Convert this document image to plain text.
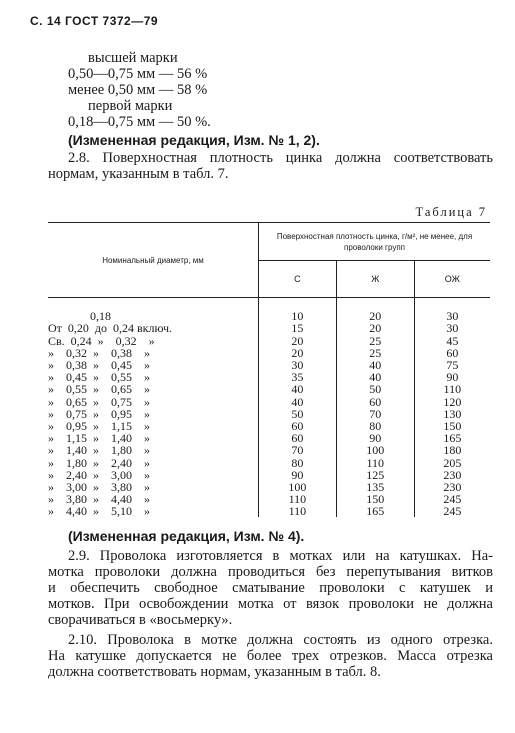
С. 14 ГОСТ 7372—79
высшей марки
0,50—0,75 мм — 56 %
менее 0,50 мм — 58 %
первой марки
0,18—0,75 мм — 50 %.
(Измененная редакция, Изм. № 1, 2).
2.8. Поверхностная плотность цинка должна соответствовать
нормам, указанным в табл. 7.
Таблица 7
Номинальный диаметр, мм	Поверхностная плотность цинка, г/м², не менее, для проволоки групп		
	С	Ж	ОЖ

0,18	10	20	30

От  0,20  до  0,24 включ.	15	20	30

Св.  0,24  »    0,32    »	20	25	45

»    0,32  »    0,38    »	20	25	60

»    0,38  »    0,45    »	30	40	75

»    0,45  »    0,55    »	35	40	90

»    0,55  »    0,65    »	40	50	110

»    0,65  »    0,75    »	40	60	120

»    0,75  »    0,95    »	50	70	130

»    0,95  »    1,15    »	60	80	150

»    1,15  »    1,40    »	60	90	165

»    1,40  »    1,80    »	70	100	180

»    1,80  »    2,40    »	80	110	205

»    2,40  »    3,00    »	90	125	230

»    3,00  »    3,80    »	100	135	230

»    3,80  »    4,40    »	110	150	245

»    4,40  »    5,10    »	110	165	245
(Измененная редакция, Изм. № 4).
2.9. Проволока изготовляется в мотках или на катушках. На-
мотка проволоки должна проводиться без перепутывания витков
и обеспечить свободное сматывание проволоки с катушек и
мотков. При освобождении мотка от вязок проволоки не должна
сворачиваться в «восьмерку».
2.10. Проволока в мотке должна состоять из одного отрезка.
На катушке допускается не более трех отрезков. Масса отрезка
должна соответствовать нормам, указанным в табл. 8.
